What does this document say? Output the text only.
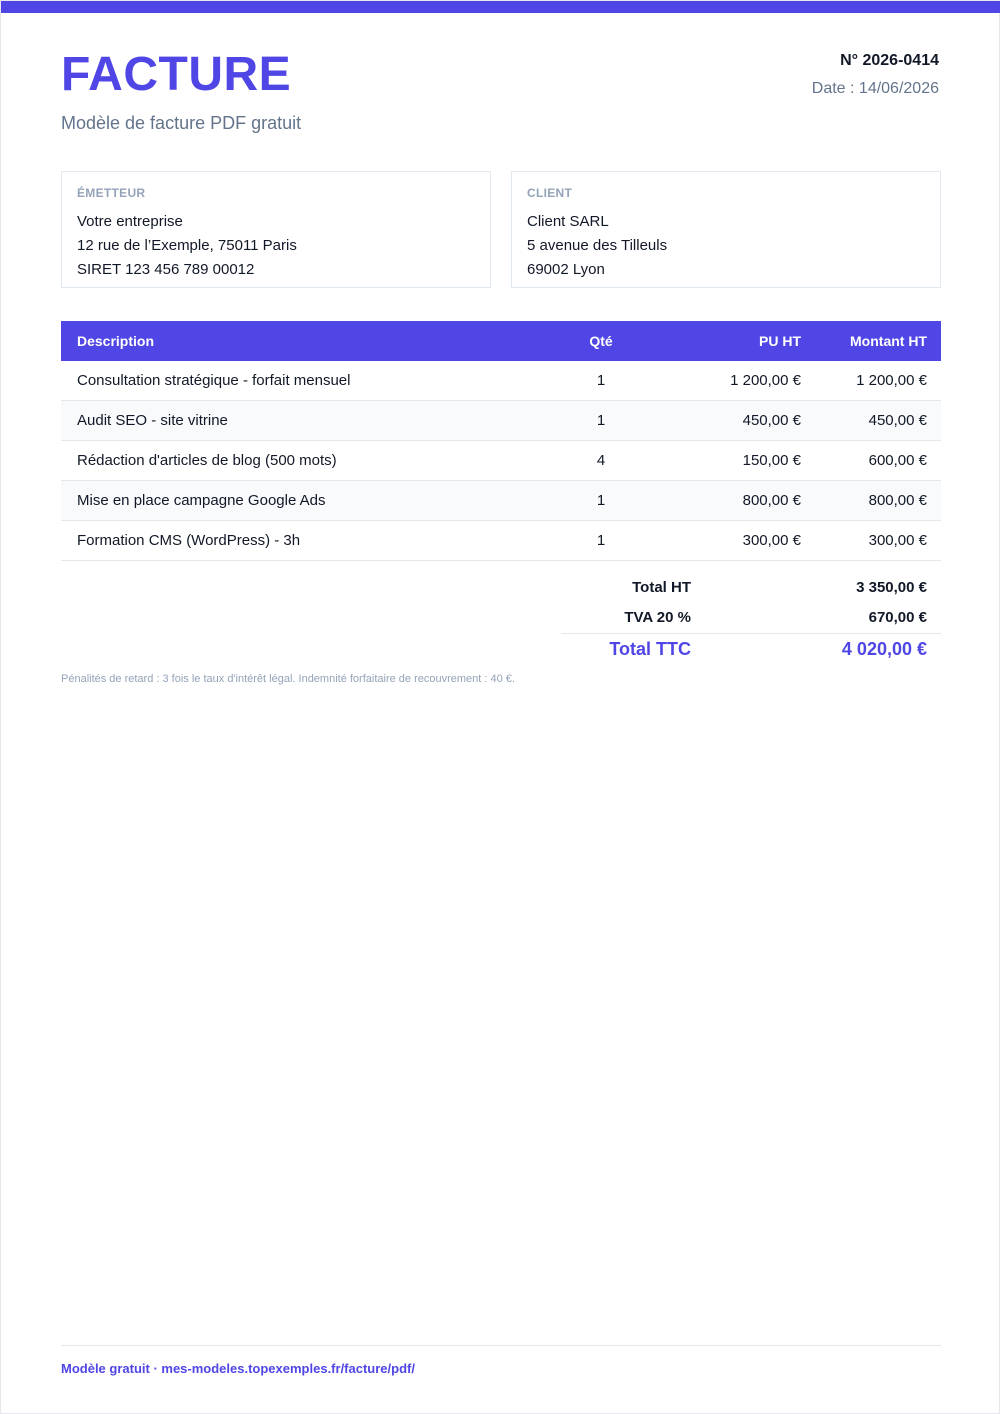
FACTURE
Modèle de facture PDF gratuit
N° 2026-0414
Date : 14/06/2026
ÉMETTEUR
Votre entreprise
12 rue de l’Exemple, 75011 Paris
SIRET 123 456 789 00012
CLIENT
Client SARL
5 avenue des Tilleuls
69002 Lyon
Description	Qté	PU HT	Montant HT
Consultation stratégique - forfait mensuel	1	1 200,00 €	1 200,00 €
Audit SEO - site vitrine	1	450,00 €	450,00 €
Rédaction d'articles de blog (500 mots)	4	150,00 €	600,00 €
Mise en place campagne Google Ads	1	800,00 €	800,00 €
Formation CMS (WordPress) - 3h	1	300,00 €	300,00 €
Total HT	3 350,00 €
TVA 20 %	670,00 €
Total TTC	4 020,00 €
Pénalités de retard : 3 fois le taux d'intérêt légal. Indemnité forfaitaire de recouvrement : 40 €.
Modèle gratuit · mes-modeles.topexemples.fr/facture/pdf/
